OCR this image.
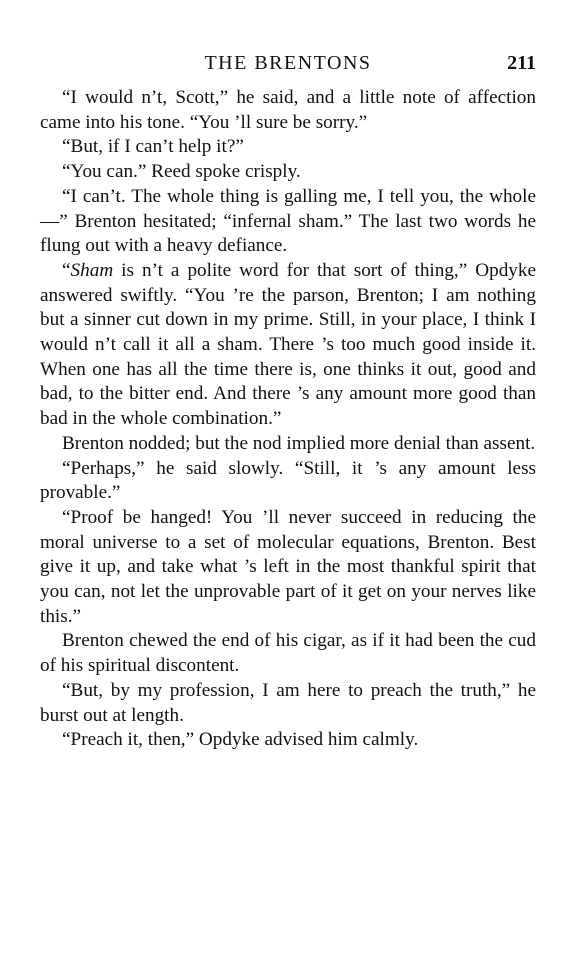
THE BRENTONS	211

“I would n’t, Scott,” he said, and a little note of affection came into his tone. “You ’ll sure be sorry.”

“But, if I can’t help it?”

“You can.” Reed spoke crisply.

“I can’t. The whole thing is galling me, I tell you, the whole —” Brenton hesitated; “infernal sham.” The last two words he flung out with a heavy defiance.

“Sham is n’t a polite word for that sort of thing,” Opdyke answered swiftly. “You ’re the parson, Brenton; I am nothing but a sinner cut down in my prime. Still, in your place, I think I would n’t call it all a sham. There ’s too much good inside it. When one has all the time there is, one thinks it out, good and bad, to the bitter end. And there ’s any amount more good than bad in the whole combination.”

Brenton nodded; but the nod implied more denial than assent.

“Perhaps,” he said slowly. “Still, it ’s any amount less provable.”

“Proof be hanged! You ’ll never succeed in reducing the moral universe to a set of molecular equations, Brenton. Best give it up, and take what ’s left in the most thankful spirit that you can, not let the unprovable part of it get on your nerves like this.”

Brenton chewed the end of his cigar, as if it had been the cud of his spiritual discontent.

“But, by my profession, I am here to preach the truth,” he burst out at length.

“Preach it, then,” Opdyke advised him calmly.
